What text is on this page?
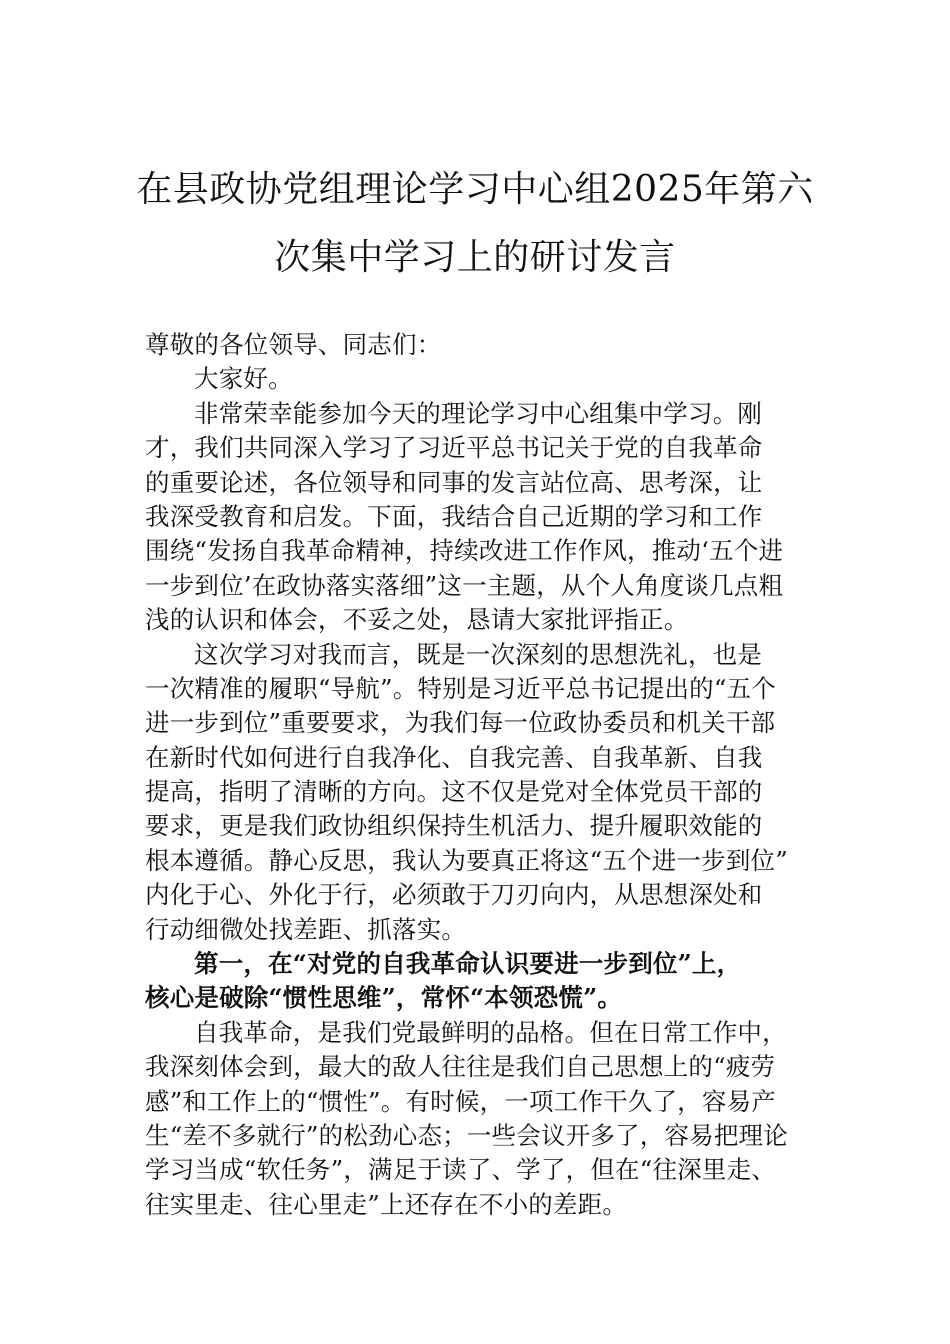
在县政协党组理论学习中心组2025年第六
次集中学习上的研讨发言
尊敬的各位领导、同志们：
大家好。
非常荣幸能参加今天的理论学习中心组集中学习。刚
才，我们共同深入学习了习近平总书记关于党的自我革命
的重要论述，各位领导和同事的发言站位高、思考深，让
我深受教育和启发。下面，我结合自己近期的学习和工作
围绕“发扬自我革命精神，持续改进工作作风，推动‘五个进
一步到位’在政协落实落细”这一主题，从个人角度谈几点粗
浅的认识和体会，不妥之处，恳请大家批评指正。
这次学习对我而言，既是一次深刻的思想洗礼，也是
一次精准的履职“导航”。特别是习近平总书记提出的“五个
进一步到位”重要要求，为我们每一位政协委员和机关干部
在新时代如何进行自我净化、自我完善、自我革新、自我
提高，指明了清晰的方向。这不仅是党对全体党员干部的
要求，更是我们政协组织保持生机活力、提升履职效能的
根本遵循。静心反思，我认为要真正将这“五个进一步到位”
内化于心、外化于行，必须敢于刀刃向内，从思想深处和
行动细微处找差距、抓落实。
第一，在“对党的自我革命认识要进一步到位”上，
核心是破除“惯性思维”，常怀“本领恐慌”。
自我革命，是我们党最鲜明的品格。但在日常工作中，
我深刻体会到，最大的敌人往往是我们自己思想上的“疲劳
感”和工作上的“惯性”。有时候，一项工作干久了，容易产
生“差不多就行”的松劲心态；一些会议开多了，容易把理论
学习当成“软任务”，满足于读了、学了，但在“往深里走、
往实里走、往心里走”上还存在不小的差距。
